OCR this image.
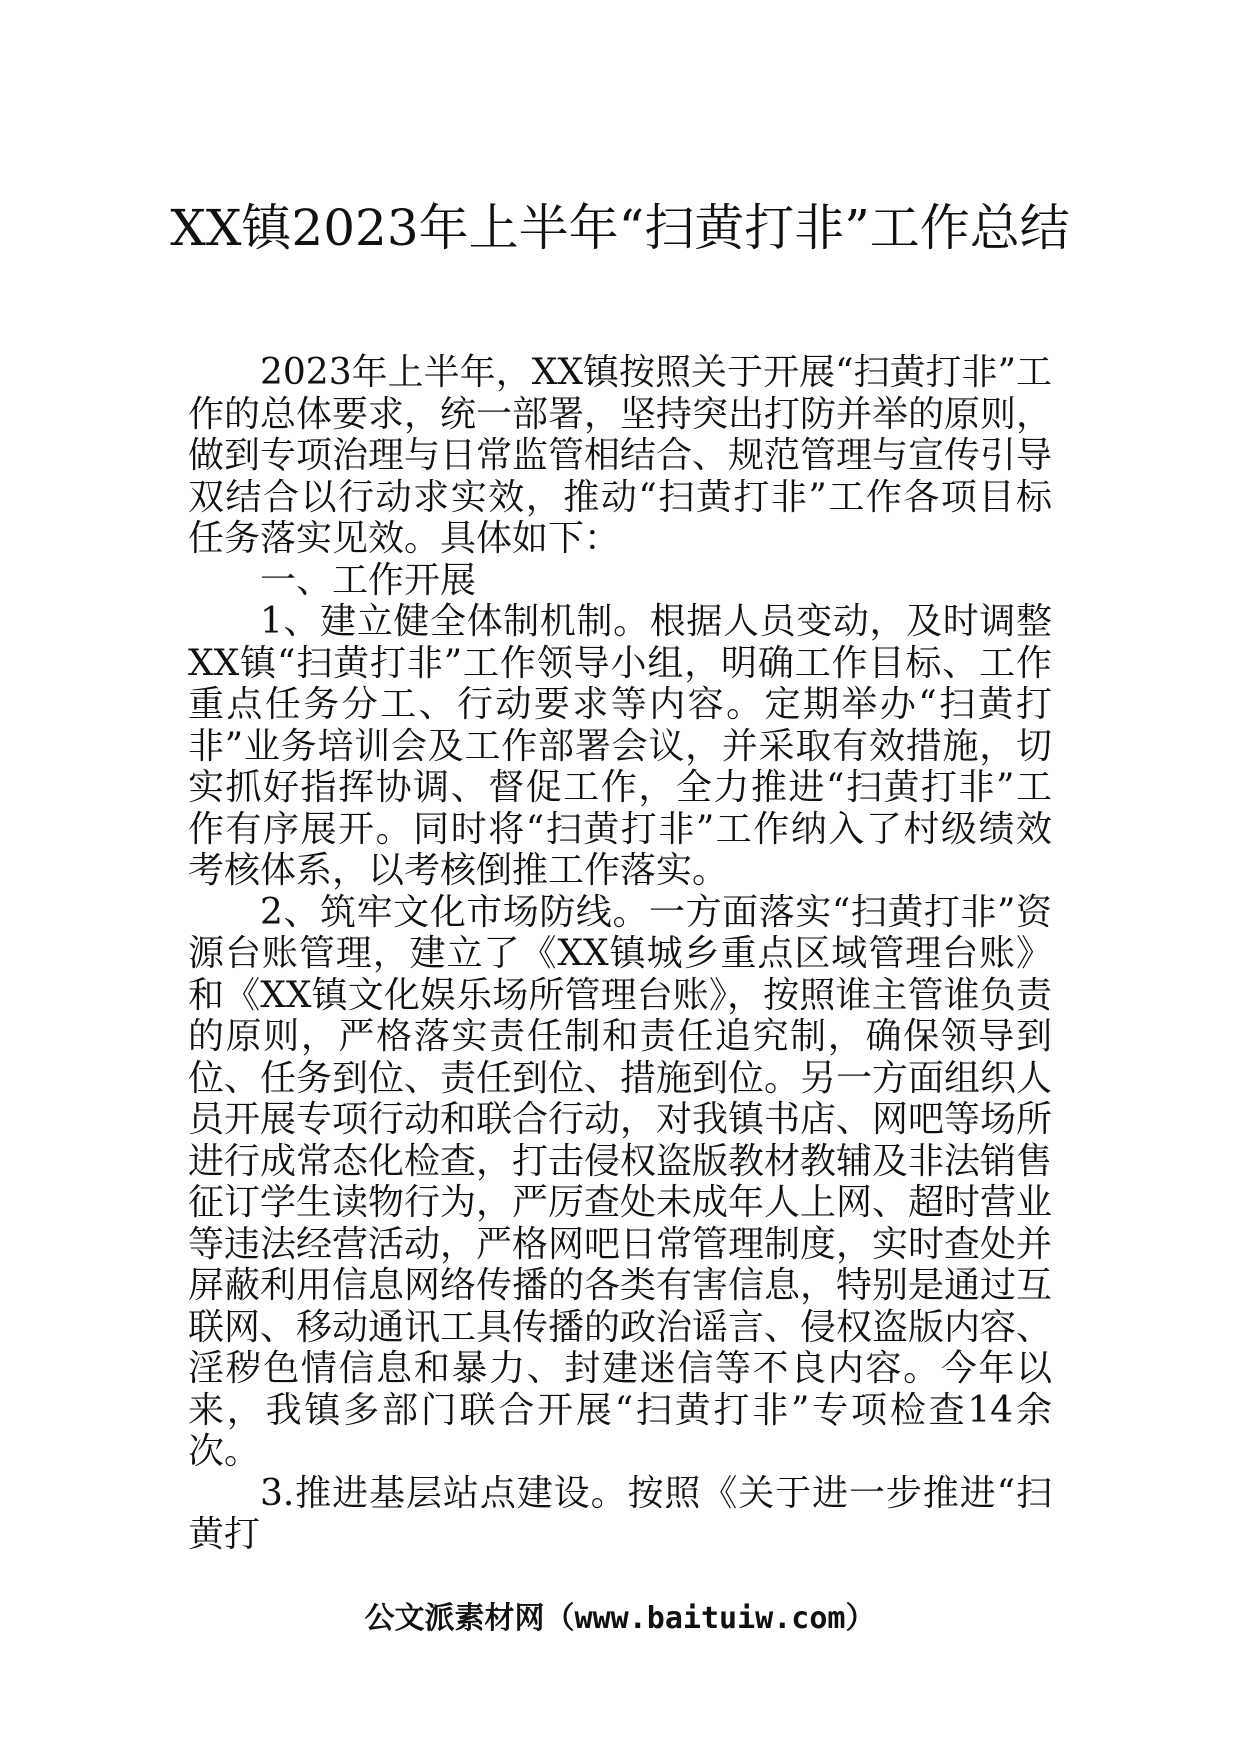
XX镇2023年上半年“扫黄打非”工作总结

2023年上半年，XX镇按照关于开展“扫黄打非”工作的总体要求，统一部署，坚持突出打防并举的原则，做到专项治理与日常监管相结合、规范管理与宣传引导双结合以行动求实效，推动“扫黄打非”工作各项目标任务落实见效。具体如下：

一、工作开展

1、建立健全体制机制。根据人员变动，及时调整XX镇“扫黄打非”工作领导小组，明确工作目标、工作重点任务分工、行动要求等内容。定期举办“扫黄打非”业务培训会及工作部署会议，并采取有效措施，切实抓好指挥协调、督促工作，全力推进“扫黄打非”工作有序展开。同时将“扫黄打非”工作纳入了村级绩效考核体系，以考核倒推工作落实。

2、筑牢文化市场防线。一方面落实“扫黄打非”资源台账管理，建立了《XX镇城乡重点区域管理台账》和《XX镇文化娱乐场所管理台账》，按照谁主管谁负责的原则，严格落实责任制和责任追究制，确保领导到位、任务到位、责任到位、措施到位。另一方面组织人员开展专项行动和联合行动，对我镇书店、网吧等场所进行成常态化检查，打击侵权盗版教材教辅及非法销售征订学生读物行为，严厉查处未成年人上网、超时营业等违法经营活动，严格网吧日常管理制度，实时查处并屏蔽利用信息网络传播的各类有害信息，特别是通过互联网、移动通讯工具传播的政治谣言、侵权盗版内容、淫秽色情信息和暴力、封建迷信等不良内容。今年以来，我镇多部门联合开展“扫黄打非”专项检查14余次。

3.推进基层站点建设。按照《关于进一步推进“扫黄打

公文派素材网（www.baituiw.com）
